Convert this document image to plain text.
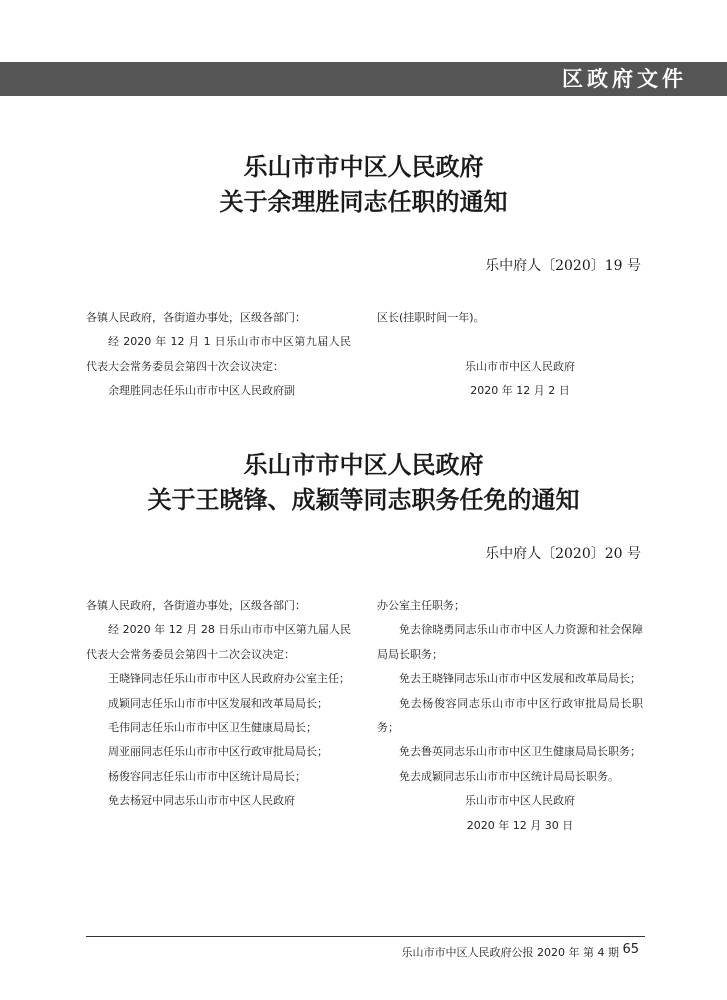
区政府文件
乐山市市中区人民政府
关于余理胜同志任职的通知
乐中府人〔2020〕19 号

各镇人民政府，各街道办事处，区级各部门：

经 2020 年 12 月 1 日乐山市市中区第九届人民代表大会常务委员会第四十次会议决定：

余理胜同志任乐山市市中区人民政府副

区长(挂职时间一年)。

乐山市市中区人民政府

2020 年 12 月 2 日

乐山市市中区人民政府
关于王晓锋、成颖等同志职务任免的通知
乐中府人〔2020〕20 号

各镇人民政府，各街道办事处，区级各部门：

经 2020 年 12 月 28 日乐山市市中区第九届人民代表大会常务委员会第四十二次会议决定：

王晓锋同志任乐山市市中区人民政府办公室主任；

成颖同志任乐山市市中区发展和改革局局长；

毛伟同志任乐山市市中区卫生健康局局长；

周亚丽同志任乐山市市中区行政审批局局长；

杨俊容同志任乐山市市中区统计局局长；

免去杨冠中同志乐山市市中区人民政府

办公室主任职务；

免去徐晓勇同志乐山市市中区人力资源和社会保障局局长职务；

免去王晓锋同志乐山市市中区发展和改革局局长；

免去杨俊容同志乐山市市中区行政审批局局长职务；

免去鲁英同志乐山市市中区卫生健康局局长职务；

免去成颖同志乐山市市中区统计局局长职务。

乐山市市中区人民政府

2020 年 12 月 30 日

乐山市市中区人民政府公报 2020 年 第 4 期 65
